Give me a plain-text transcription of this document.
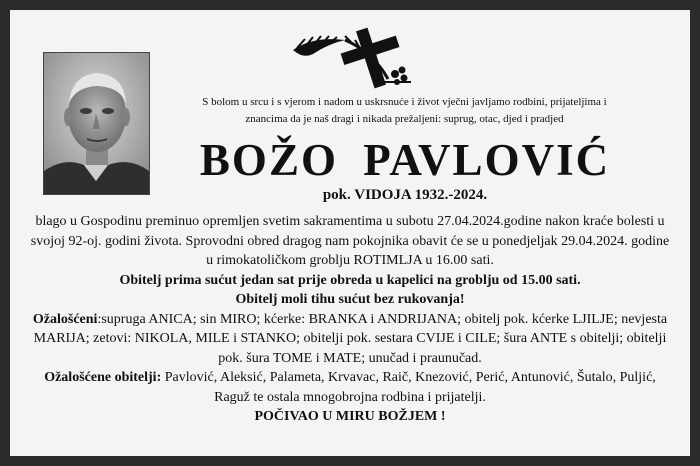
S bolom u srcu i s vjerom i nadom u uskrsnuće i život vječni javljamo rodbini, prijateljima i
znancima da je naš dragi i nikada prežaljeni: suprug, otac, djed i pradjed
BOŽO PAVLOVIĆ
pok. VIDOJA 1932.-2024.

blago u Gospodinu preminuo opremljen svetim sakramentima u subotu 27.04.2024.godine nakon kraće bolesti u svojoj 92-oj. godini života. Sprovodni obred dragog nam pokojnika obavit će se u ponedjeljak 29.04.2024. godine u rimokatoličkom groblju ROTIMLJA u 16.00 sati.

Obitelj prima sućut jedan sat prije obreda u kapelici na groblju od 15.00 sati.

Obitelj moli tihu sućut bez rukovanja!

Ožalošćeni:supruga ANICA; sin MIRO; kćerke: BRANKA i ANDRIJANA; obitelj pok. kćerke LJILJE; nevjesta MARIJA; zetovi: NIKOLA, MILE i STANKO; obitelji pok. sestara CVIJE i CILE; šura ANTE s obitelji; obitelji pok. šura TOME i MATE; unučad i praunučad.

Ožalošćene obitelji: Pavlović, Aleksić, Palameta, Krvavac, Raič, Knezović, Perić, Antunović, Šutalo, Puljić, Raguž te ostala mnogobrojna rodbina i prijatelji.

POČIVAO U MIRU BOŽJEM !
